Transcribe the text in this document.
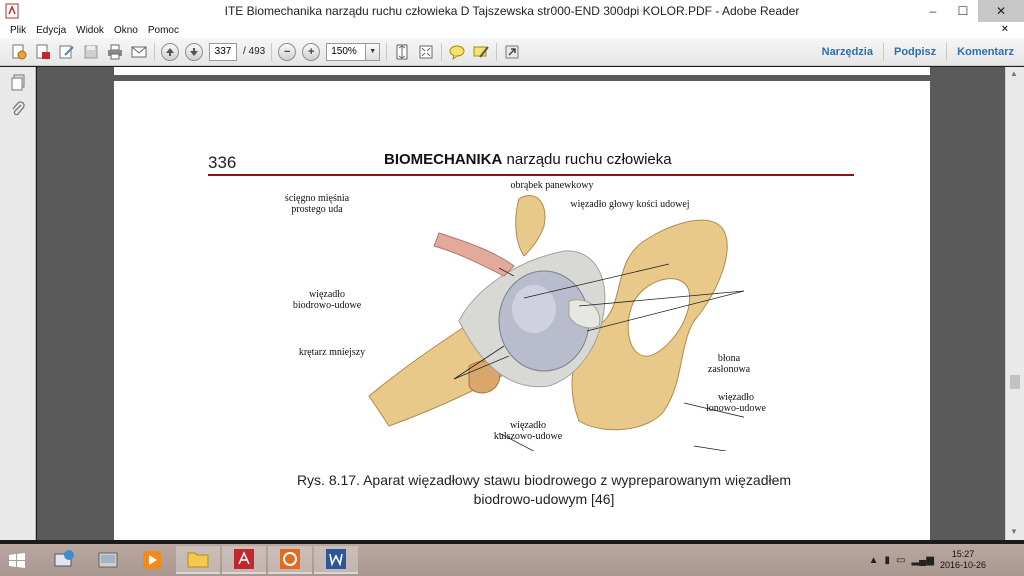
ITE Biomechanika narządu ruchu człowieka D Tajszewska str000-END 300dpi KOLOR.PDF - Adobe Reader	‒	☐	✕
Plik	Edycja	Widok	Okno	Pomoc	×
337	/ 493	−	+	150%	▼	Narzędzia	Podpisz	Komentarz
336	BIOMECHANIKA narządu ruchu człowieka
ścięgno mięśnia
prostego uda
obrąbek panewkowy
więzadło głowy kości udowej
więzadło
biodrowo-udowe
krętarz mniejszy
błona
zasłonowa
więzadło
łonowo-udowe
więzadło
kulszowo-udowe
Rys. 8.17. Aparat więzadłowy stawu biodrowego z wypreparowanym więzadłem
biodrowo-udowym [46]
▲
▼
▲ ▮ ▭ ▂▄▆
15:27
2016-10-26
